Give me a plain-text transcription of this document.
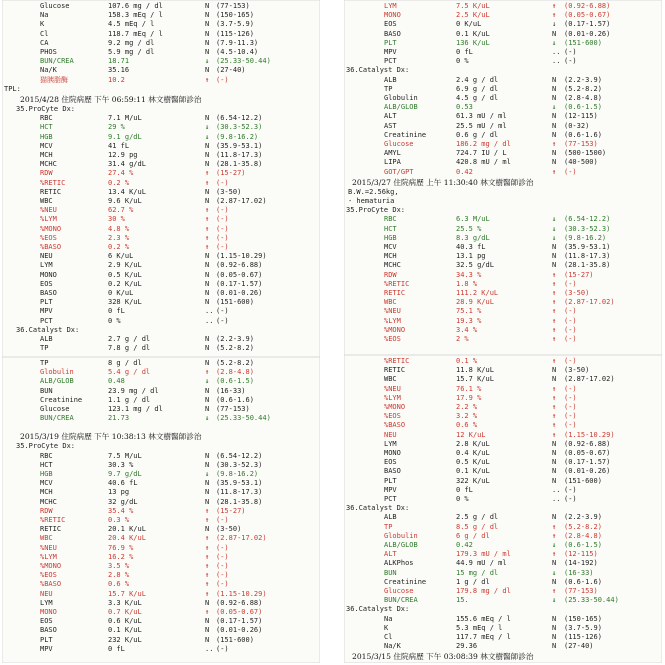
Glucose	107.6 mg / dl	N (77-153)
Na	158.3 mEq / l	N (150-165)
K	4.5 mEq / l	N (3.7-5.9)
Cl	118.7 mEq / l	N (115-126)
CA	9.2 mg / dl	N (7.9-11.3)
PHOS	5.9 mg / dl	N (4.5-10.4)
BUN/CREA	18.71	↓ (25.33-50.44)
Na/K	35.16	N (27-40)
猫胰脂酶	10.2	↑ (-)
TPL:
2015/4/28 住院病歷 下午 06:59:11 林文樹醫師診治
35.ProCyte Dx:
RBC	7.1 M/uL	N (6.54-12.2)
HCT	29 %	↓ (30.3-52.3)
HGB	9.1 g/dL	↓ (9.8-16.2)
MCV	41 fL	N (35.9-53.1)
MCH	12.9 pg	N (11.8-17.3)
MCHC	31.4 g/dL	N (28.1-35.8)
RDW	27.4 %	↑ (15-27)
%RETIC	0.2 %	↑ (-)
RETIC	13.4 K/uL	N (3-50)
WBC	9.6 K/uL	N (2.87-17.02)
%NEU	62.7 %	↑ (-)
%LYM	30 %	↑ (-)
%MONO	4.8 %	↑ (-)
%EOS	2.3 %	↑ (-)
%BASO	0.2 %	↑ (-)
NEU	6 K/uL	N (1.15-10.29)
LYM	2.9 K/uL	N (0.92-6.88)
MONO	0.5 K/uL	N (0.05-0.67)
EOS	0.2 K/uL	N (0.17-1.57)
BASO	0 K/uL	N (0.01-0.26)
PLT	328 K/uL	N (151-600)
MPV	0 fL	.. (-)
PCT	0 %	.. (-)
36.Catalyst Dx:
ALB	2.7 g / dl	N (2.2-3.9)
TP	7.8 g / dl	N (5.2-8.2)
TP	8 g / dl	N (5.2-8.2)
Globulin	5.4 g / dl	↑ (2.8-4.8)
ALB/GLOB	0.48	↓ (0.6-1.5)
BUN	23.9 mg / dl	N (16-33)
Creatinine	1.1 g / dl	N (0.6-1.6)
Glucose	123.1 mg / dl	N (77-153)
BUN/CREA	21.73	↓ (25.33-50.44)
2015/3/19 住院病歷 下午 10:38:13 林文樹醫師診治
35.ProCyte Dx:
RBC	7.5 M/uL	N (6.54-12.2)
HCT	30.3 %	N (30.3-52.3)
HGB	9.7 g/dL	↓ (9.8-16.2)
MCV	40.6 fL	N (35.9-53.1)
MCH	13 pg	N (11.8-17.3)
MCHC	32 g/dL	N (28.1-35.8)
RDW	35.4 %	↑ (15-27)
%RETIC	0.3 %	↑ (-)
RETIC	20.1 K/uL	N (3-50)
WBC	20.4 K/uL	↑ (2.87-17.02)
%NEU	76.9 %	↑ (-)
%LYM	16.2 %	↑ (-)
%MONO	3.5 %	↑ (-)
%EOS	2.8 %	↑ (-)
%BASO	0.6 %	↑ (-)
NEU	15.7 K/uL	↑ (1.15-10.29)
LYM	3.3 K/uL	N (0.92-6.88)
MONO	0.7 K/uL	↑ (0.05-0.67)
EOS	0.6 K/uL	N (0.17-1.57)
BASO	0.1 K/uL	N (0.01-0.26)
PLT	232 K/uL	N (151-600)
MPV	0 fL	.. (-)
LYM	7.5 K/uL	↑ (0.92-6.88)
MONO	2.5 K/uL	↑ (0.05-0.67)
EOS	0 K/uL	↓ (0.17-1.57)
BASO	0.1 K/uL	N (0.01-0.26)
PLT	136 K/uL	↓ (151-600)
MPV	0 fL	.. (-)
PCT	0 %	.. (-)
36.Catalyst Dx:
ALB	2.4 g / dl	N (2.2-3.9)
TP	6.9 g / dl	N (5.2-8.2)
Globulin	4.5 g / dl	N (2.8-4.8)
ALB/GLOB	0.53	↓ (0.6-1.5)
ALT	61.3 mU / ml	N (12-115)
AST	25.5 mU / ml	N (0-32)
Creatinine	0.6 g / dl	N (0.6-1.6)
Glucose	186.2 mg / dl	↑ (77-153)
AMYL	724.7 IU / L	N (500-1500)
LIPA	420.8 mU / ml	N (40-500)
GOT/GPT	0.42	↑ (-)
2015/3/27 住院病歷 上午 11:30:40 林文樹醫師診治
B.W.=2.56kg,
- hematuria
35.ProCyte Dx:
RBC	6.3 M/uL	↓ (6.54-12.2)
HCT	25.5 %	↓ (30.3-52.3)
HGB	8.3 g/dL	↓ (9.8-16.2)
MCV	40.3 fL	N (35.9-53.1)
MCH	13.1 pg	N (11.8-17.3)
MCHC	32.5 g/dL	N (28.1-35.8)
RDW	34.3 %	↑ (15-27)
%RETIC	1.8 %	↑ (-)
RETIC	111.2 K/uL	↑ (3-50)
WBC	28.9 K/uL	↑ (2.87-17.02)
%NEU	75.1 %	↑ (-)
%LYM	19.3 %	↑ (-)
%MONO	3.4 %	↑ (-)
%EOS	2 %	↑ (-)
%RETIC	0.1 %	↑ (-)
RETIC	11.8 K/uL	N (3-50)
WBC	15.7 K/uL	N (2.87-17.02)
%NEU	76.1 %	↑ (-)
%LYM	17.9 %	↑ (-)
%MONO	2.2 %	↑ (-)
%EOS	3.2 %	↑ (-)
%BASO	0.6 %	↑ (-)
NEU	12 K/uL	↑ (1.15-10.29)
LYM	2.8 K/uL	N (0.92-6.88)
MONO	0.4 K/uL	N (0.05-0.67)
EOS	0.5 K/uL	N (0.17-1.57)
BASO	0.1 K/uL	N (0.01-0.26)
PLT	322 K/uL	N (151-600)
MPV	0 fL	.. (-)
PCT	0 %	.. (-)
36.Catalyst Dx:
ALB	2.5 g / dl	N (2.2-3.9)
TP	8.5 g / dl	↑ (5.2-8.2)
Globulin	6 g / dl	↑ (2.8-4.8)
ALB/GLOB	0.42	↓ (0.6-1.5)
ALT	179.3 mU / ml	↑ (12-115)
ALKPhos	44.9 mU / ml	N (14-192)
BUN	15 mg / dl	↓ (16-33)
Creatinine	1 g / dl	N (0.6-1.6)
Glucose	179.8 mg / dl	↑ (77-153)
BUN/CREA	15.	↓ (25.33-50.44)
36.Catalyst Dx:
Na	155.6 mEq / l	N (150-165)
K	5.3 mEq / l	N (3.7-5.9)
Cl	117.7 mEq / l	N (115-126)
Na/K	29.36	N (27-40)
2015/3/15 住院病歷 下午 03:08:39 林文樹醫師診治
